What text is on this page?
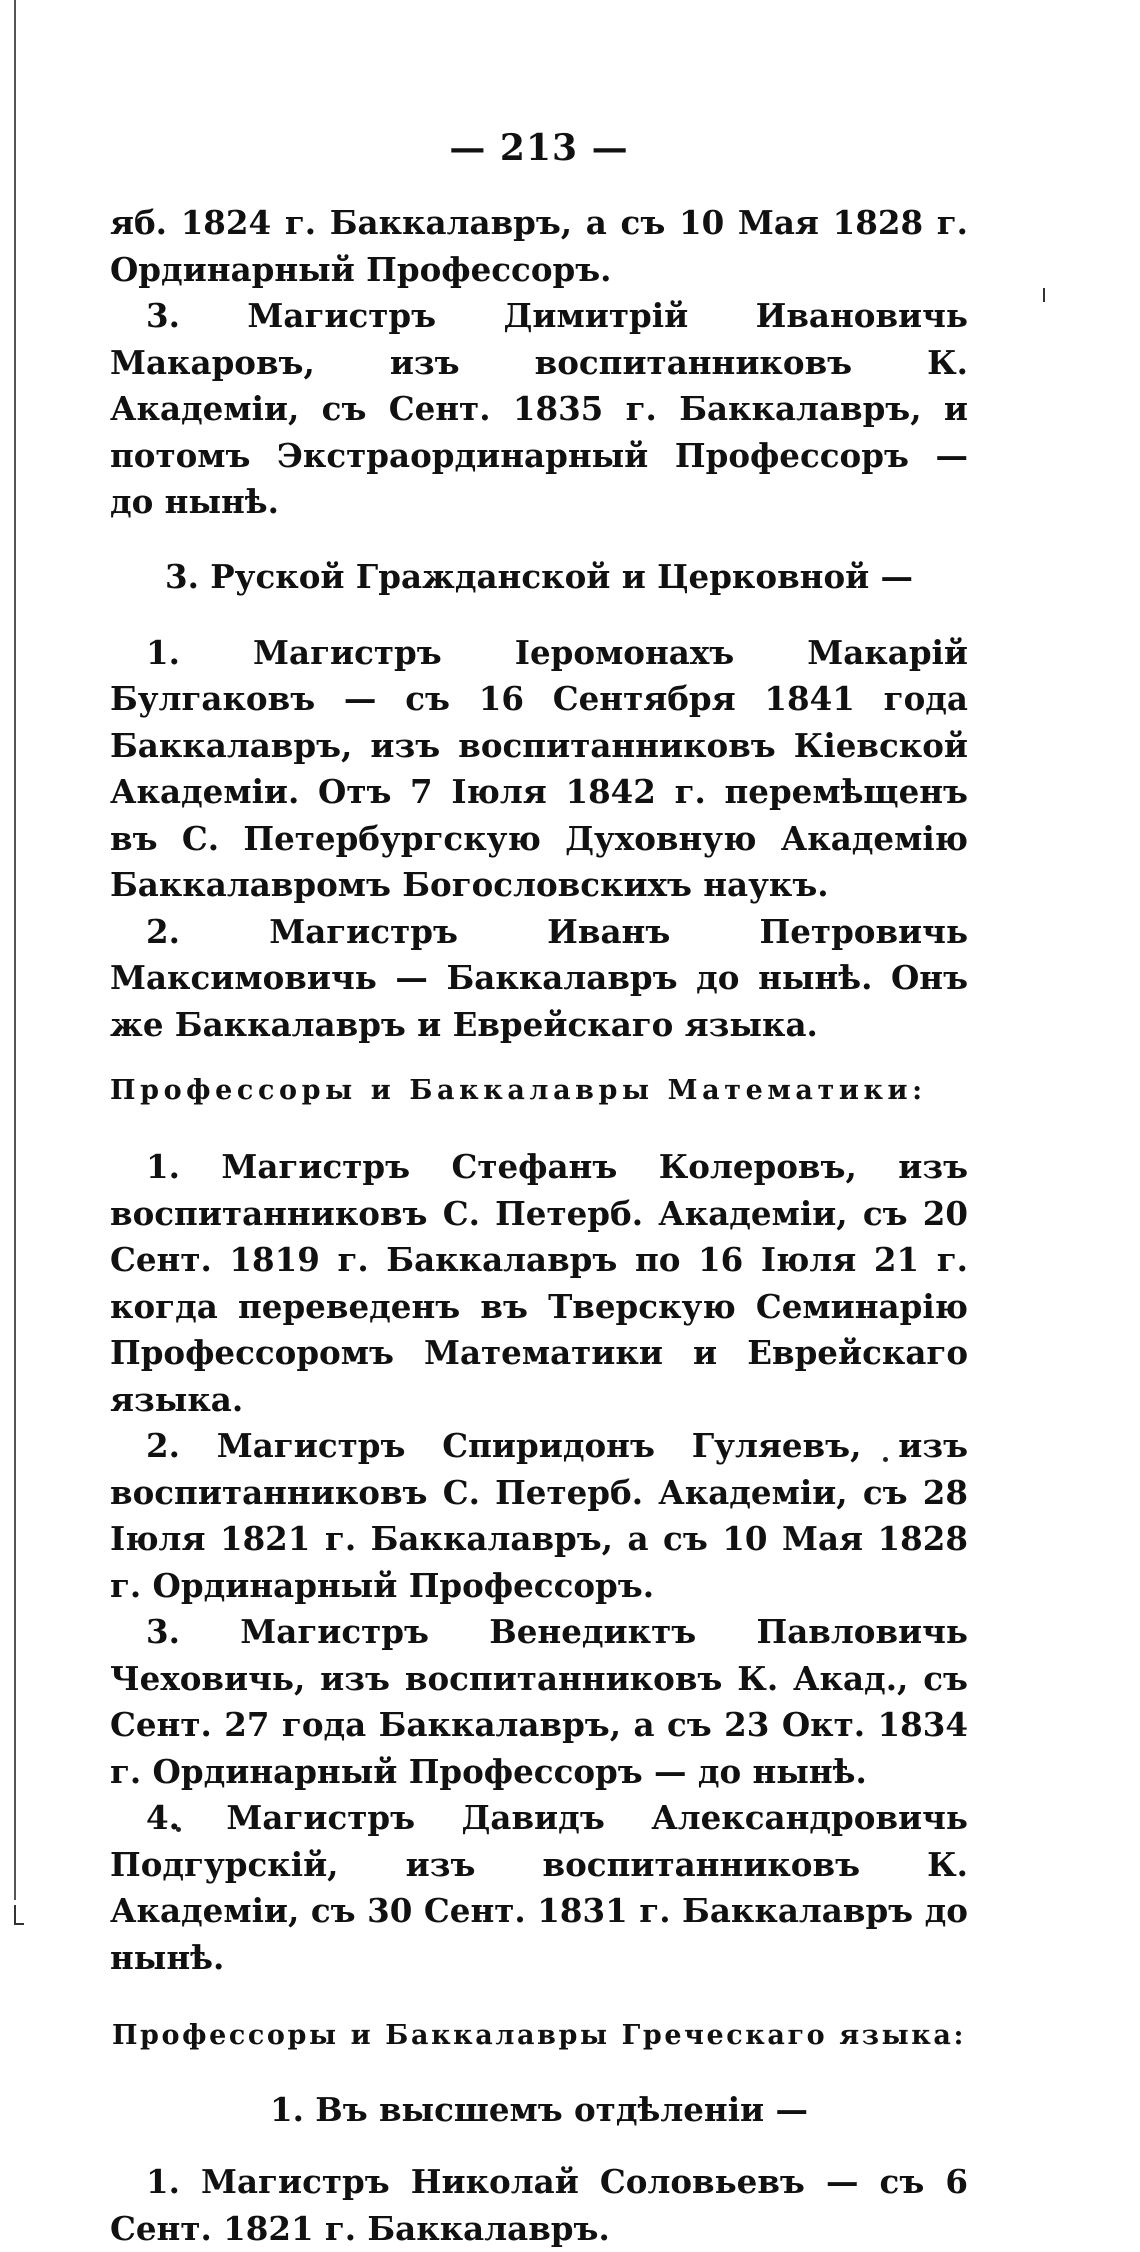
— 213 —

яб. 1824 г. Баккалавръ, а съ 10 Мая 1828 г. Ординарный Профессоръ.

3. Магистръ Димитрій Ивановичь Макаровъ, изъ воспитанниковъ К. Академіи, съ Сент. 1835 г. Баккалавръ, и потомъ Экстраординарный Профессоръ — до нынѣ.

3. Руской Гражданской и Церковной —

1. Магистръ Іеромонахъ Макарій Булгаковъ — съ 16 Сентября 1841 года Баккалавръ, изъ воспитанниковъ Кіевской Академіи. Отъ 7 Іюля 1842 г. перемѣщенъ въ С. Петербургскую Духовную Академію Баккалавромъ Богословскихъ наукъ.

2. Магистръ Иванъ Петровичь Максимовичь — Баккалавръ до нынѣ. Онъ же Баккалавръ и Еврейскаго языка.

Профессоры и Баккалавры Математики:

1. Магистръ Стефанъ Колеровъ, изъ воспитанниковъ С. Петерб. Академіи, съ 20 Сент. 1819 г. Баккалавръ по 16 Іюля 21 г. когда переведенъ въ Тверскую Семинарію Профессоромъ Математики и Еврейскаго языка.

2. Магистръ Спиридонъ Гуляевъ, изъ воспитанниковъ С. Петерб. Академіи, съ 28 Іюля 1821 г. Баккалавръ, а съ 10 Мая 1828 г. Ординарный Профессоръ.

3. Магистръ Венедиктъ Павловичь Чеховичь, изъ воспитанниковъ К. Акад., съ Сент. 27 года Баккалавръ, а съ 23 Окт. 1834 г. Ординарный Профессоръ — до нынѣ.

4. Магистръ Давидъ Александровичь Подгурскій, изъ воспитанниковъ К. Академіи, съ 30 Сент. 1831 г. Баккалавръ до нынѣ.

Профессоры и Баккалавры Греческаго языка:
1. Въ высшемъ отдѣленіи —

1. Магистръ Николай Соловьевъ — съ 6 Сент. 1821 г. Баккалавръ.
